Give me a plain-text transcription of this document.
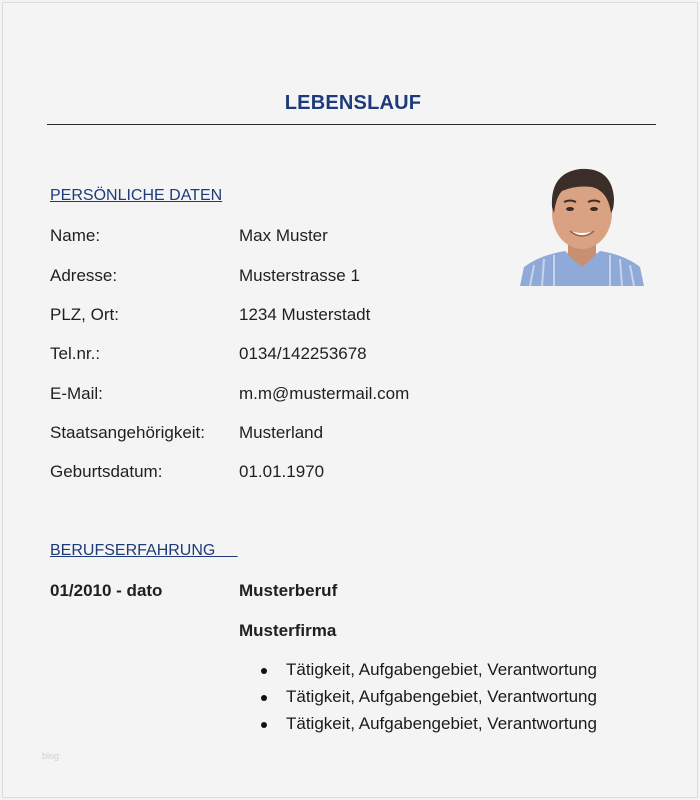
LEBENSLAUF
PERSÖNLICHE DATEN
Name:	Max Muster
Adresse:	Musterstrasse 1
PLZ, Ort:	1234 Musterstadt
Tel.nr.:	0134/142253678
E-Mail:	m.m@mustermail.com
Staatsangehörigkeit: Musterland
Geburtsdatum:	01.01.1970
BERUFSERFAHRUNG
01/2010 - dato	Musterberuf
Musterfirma
Tätigkeit, Aufgabengebiet, Verantwortung
Tätigkeit, Aufgabengebiet, Verantwortung
Tätigkeit, Aufgabengebiet, Verantwortung
blog
